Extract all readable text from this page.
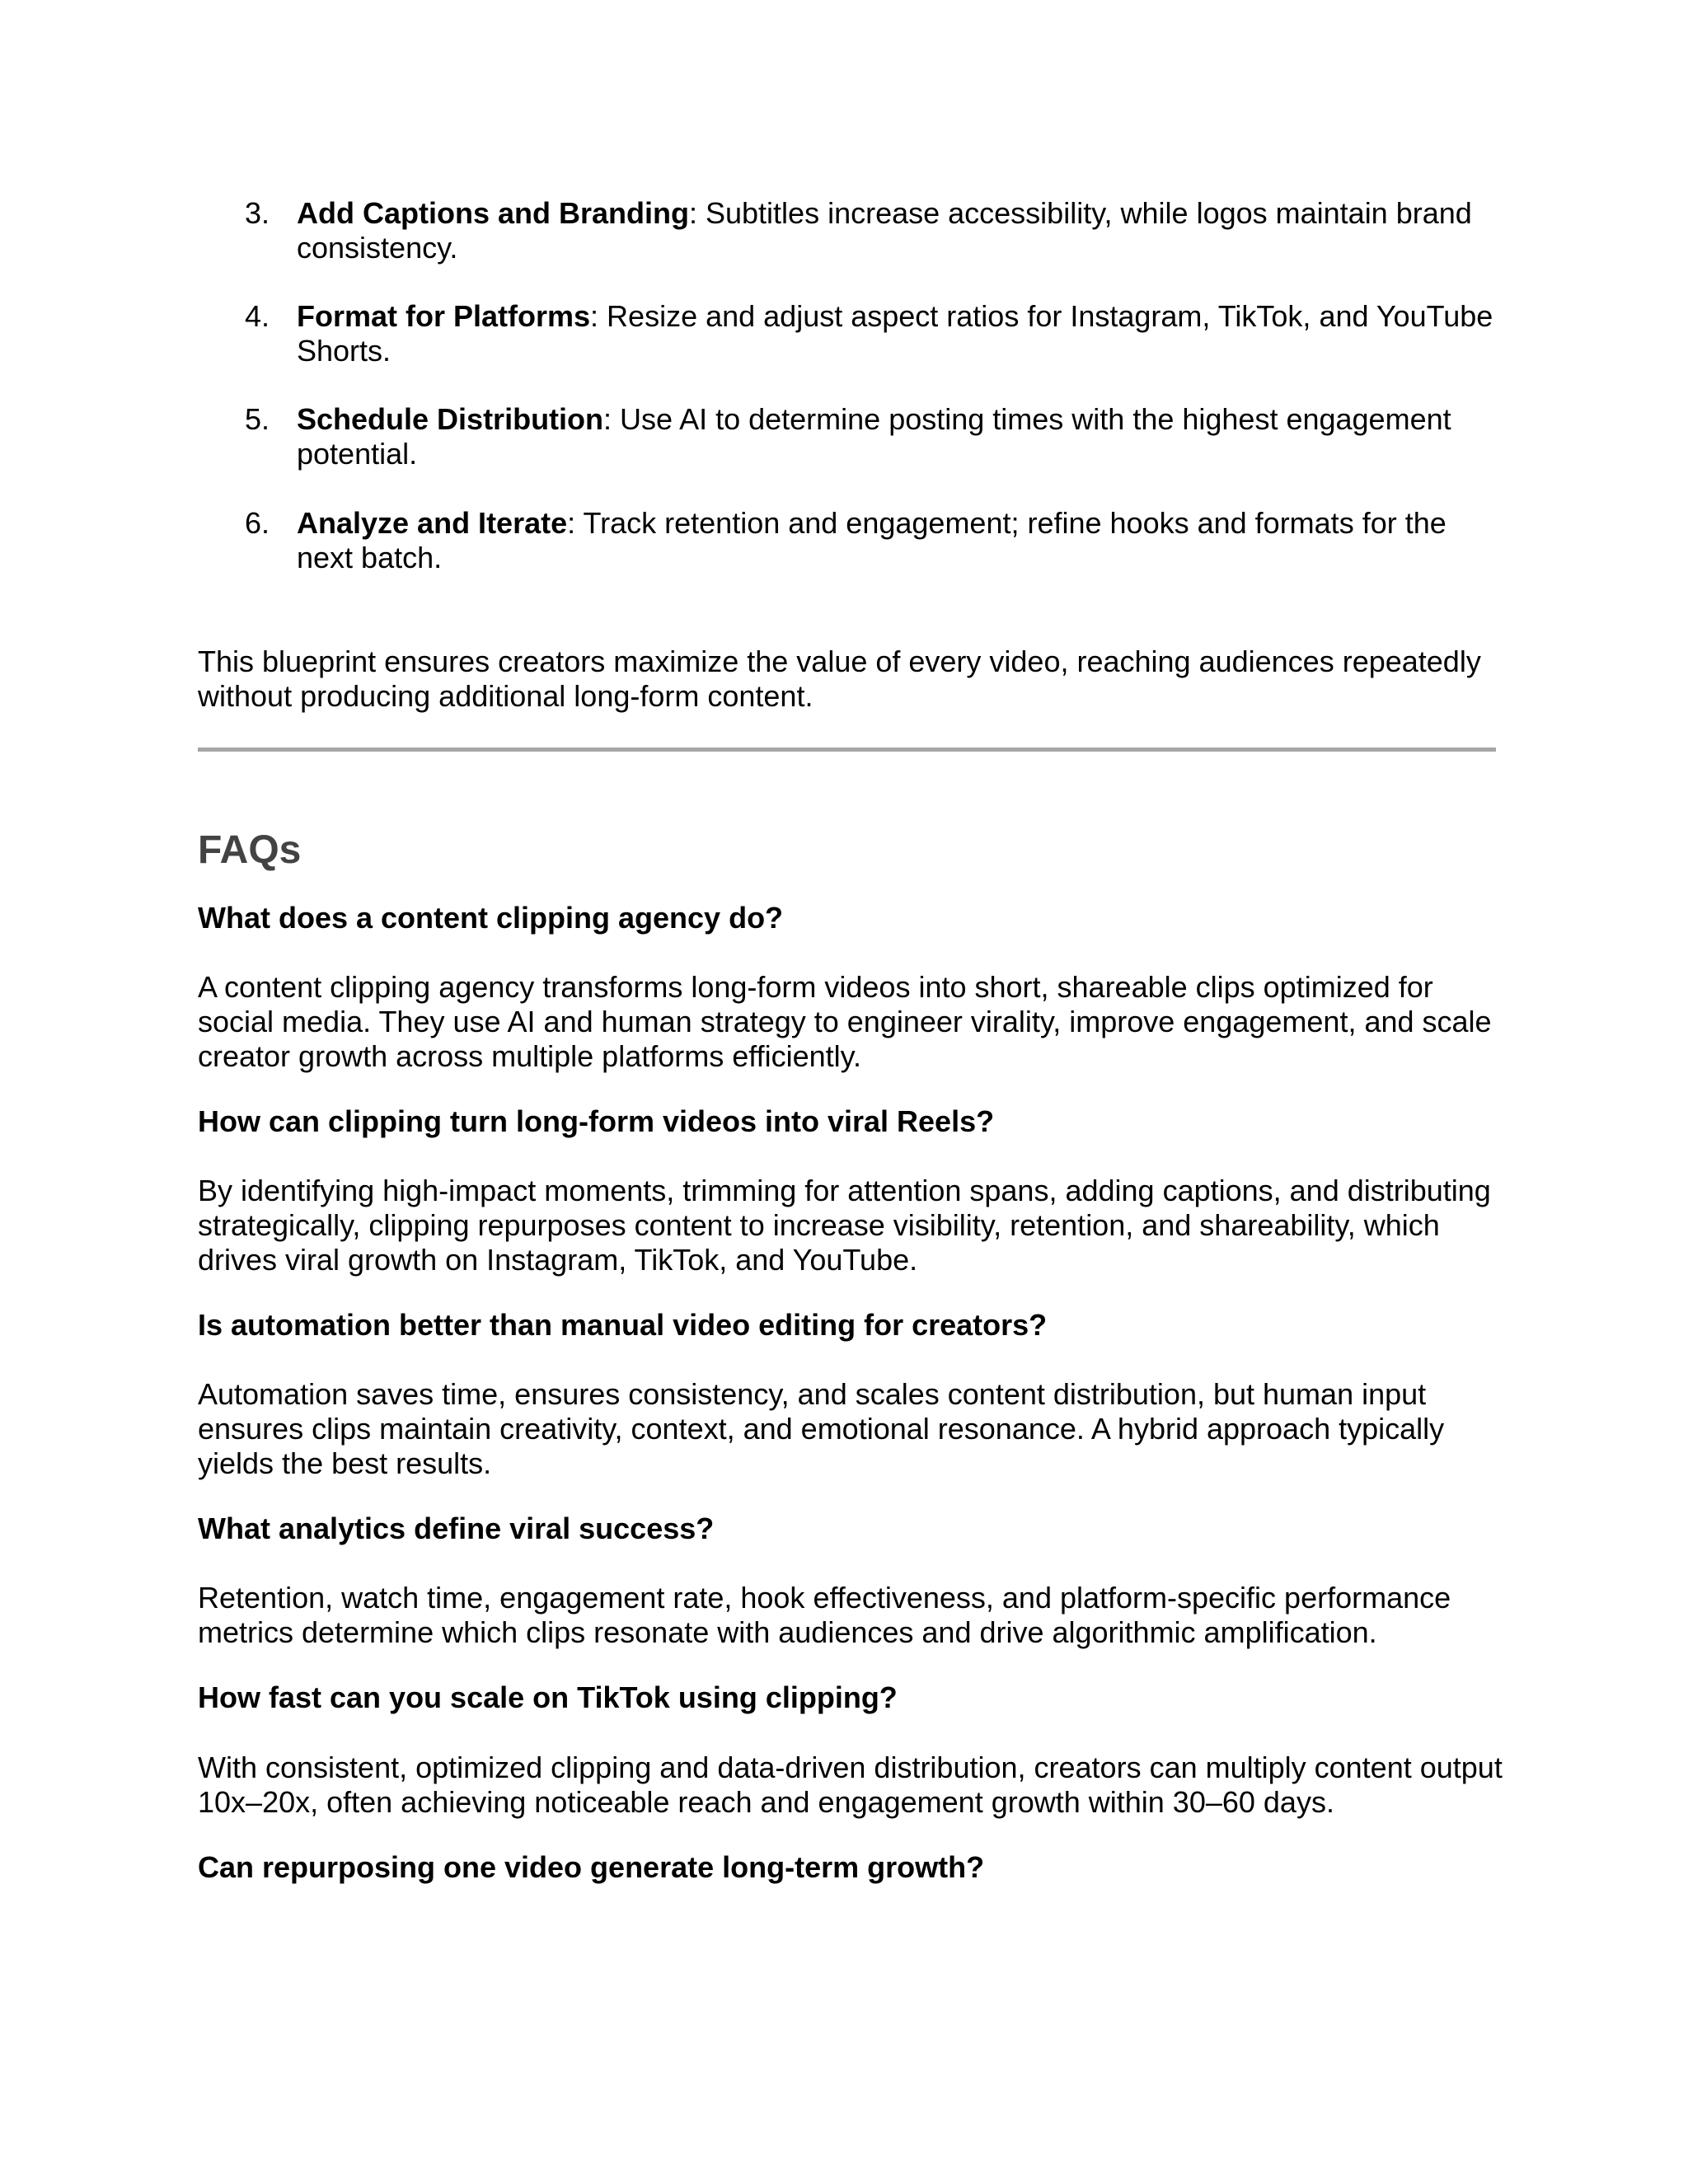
3. Add Captions and Branding: Subtitles increase accessibility, while logos maintain brand consistency.
4. Format for Platforms: Resize and adjust aspect ratios for Instagram, TikTok, and YouTube Shorts.
5. Schedule Distribution: Use AI to determine posting times with the highest engagement potential.
6. Analyze and Iterate: Track retention and engagement; refine hooks and formats for the next batch.

This blueprint ensures creators maximize the value of every video, reaching audiences repeatedly without producing additional long-form content.

FAQs
What does a content clipping agency do?

A content clipping agency transforms long-form videos into short, shareable clips optimized for social media. They use AI and human strategy to engineer virality, improve engagement, and scale creator growth across multiple platforms efficiently.

How can clipping turn long-form videos into viral Reels?

By identifying high-impact moments, trimming for attention spans, adding captions, and distributing strategically, clipping repurposes content to increase visibility, retention, and shareability, which drives viral growth on Instagram, TikTok, and YouTube.

Is automation better than manual video editing for creators?

Automation saves time, ensures consistency, and scales content distribution, but human input ensures clips maintain creativity, context, and emotional resonance. A hybrid approach typically yields the best results.

What analytics define viral success?

Retention, watch time, engagement rate, hook effectiveness, and platform-specific performance metrics determine which clips resonate with audiences and drive algorithmic amplification.

How fast can you scale on TikTok using clipping?

With consistent, optimized clipping and data-driven distribution, creators can multiply content output 10x–20x, often achieving noticeable reach and engagement growth within 30–60 days.

Can repurposing one video generate long-term growth?
